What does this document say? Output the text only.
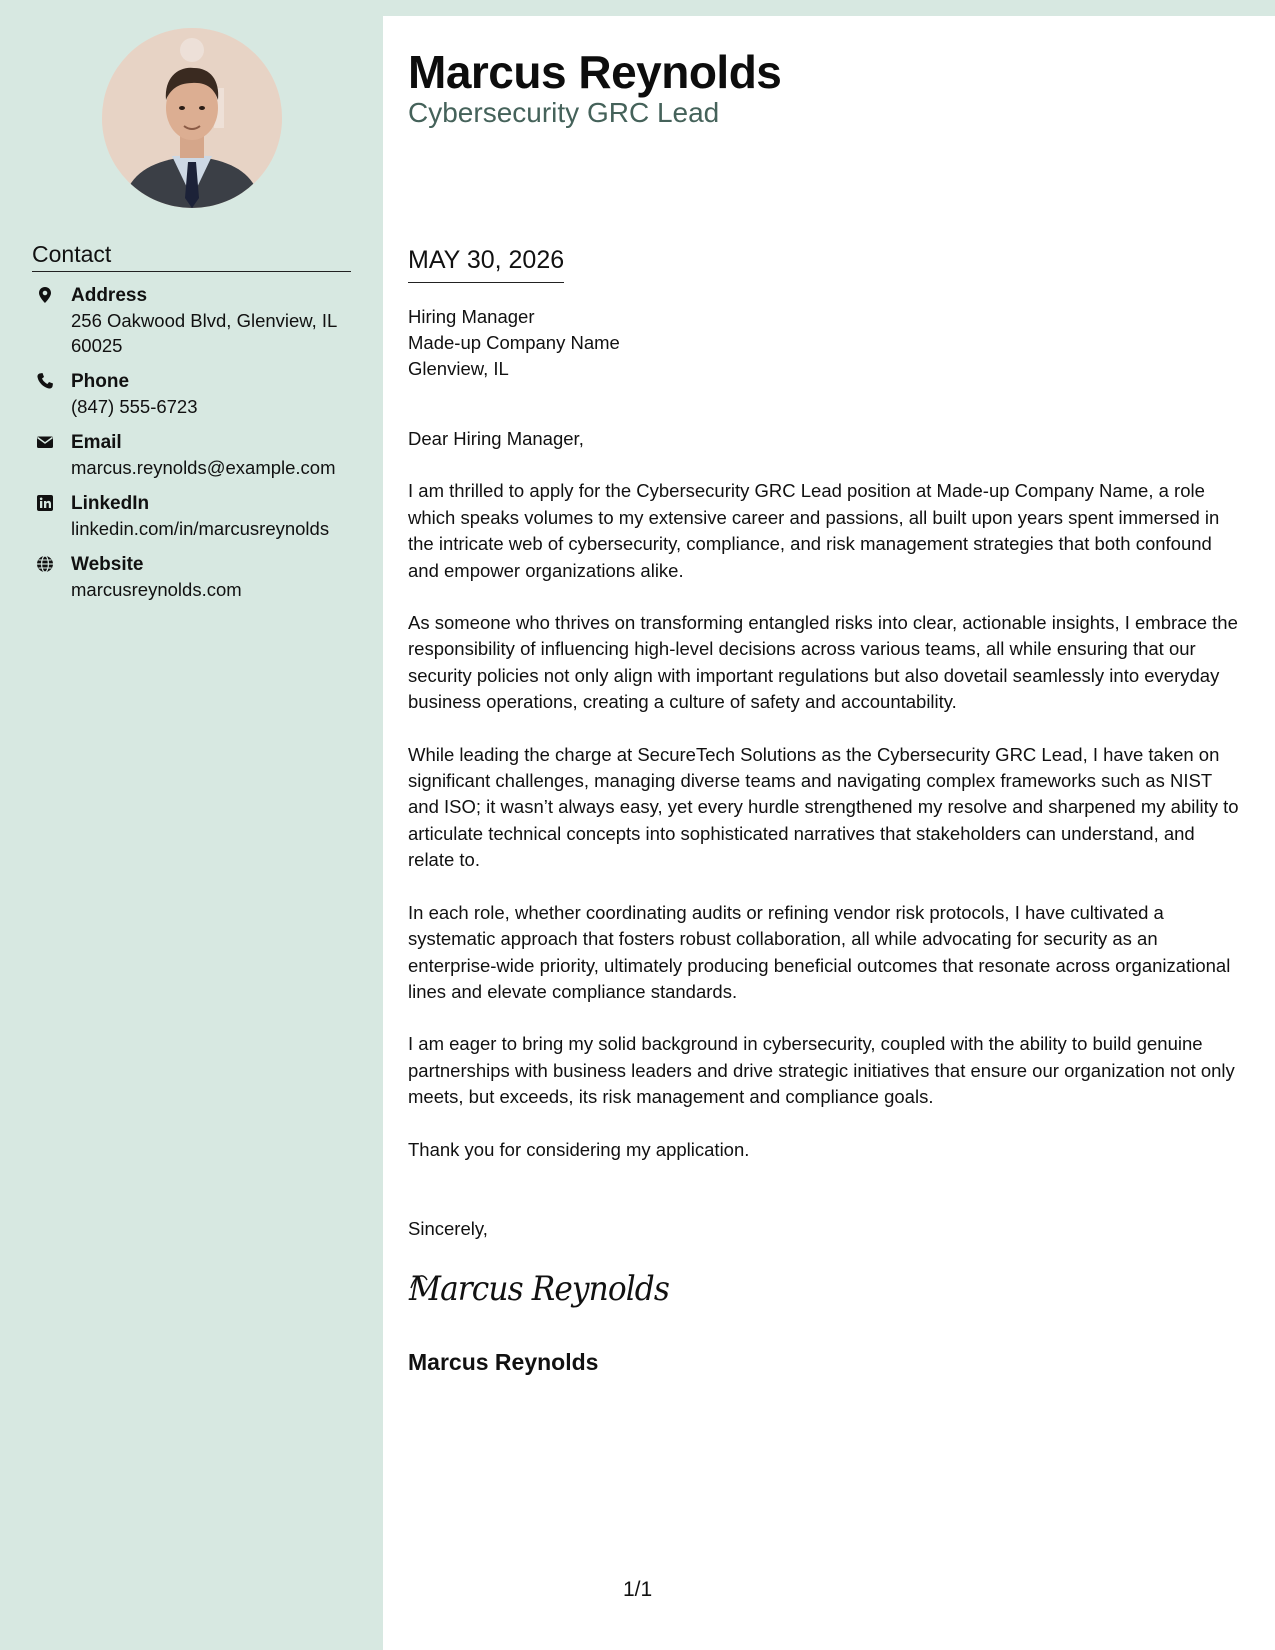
Contact
Address
256 Oakwood Blvd, Glenview, IL 60025
Phone
(847) 555-6723
Email
marcus.reynolds@example.com
LinkedIn
linkedin.com/in/marcusreynolds
Website
marcusreynolds.com
Marcus Reynolds
Cybersecurity GRC Lead
MAY 30, 2026
Hiring Manager
Made-up Company Name
Glenview, IL

Dear Hiring Manager,

I am thrilled to apply for the Cybersecurity GRC Lead position at Made-up Company Name, a role which speaks volumes to my extensive career and passions, all built upon years spent immersed in the intricate web of cybersecurity, compliance, and risk management strategies that both confound and empower organizations alike.

As someone who thrives on transforming entangled risks into clear, actionable insights, I embrace the responsibility of influencing high-level decisions across various teams, all while ensuring that our security policies not only align with important regulations but also dovetail seamlessly into everyday business operations, creating a culture of safety and accountability.

While leading the charge at SecureTech Solutions as the Cybersecurity GRC Lead, I have taken on significant challenges, managing diverse teams and navigating complex frameworks such as NIST and ISO; it wasn’t always easy, yet every hurdle strengthened my resolve and sharpened my ability to articulate technical concepts into sophisticated narratives that stakeholders can understand, and relate to.

In each role, whether coordinating audits or refining vendor risk protocols, I have cultivated a systematic approach that fosters robust collaboration, all while advocating for security as an enterprise-wide priority, ultimately producing beneficial outcomes that resonate across organizational lines and elevate compliance standards.

I am eager to bring my solid background in cybersecurity, coupled with the ability to build genuine partnerships with business leaders and drive strategic initiatives that ensure our organization not only meets, but exceeds, its risk management and compliance goals.

Thank you for considering my application.

Sincerely,
Marcus Reynolds
Marcus Reynolds
1/1
